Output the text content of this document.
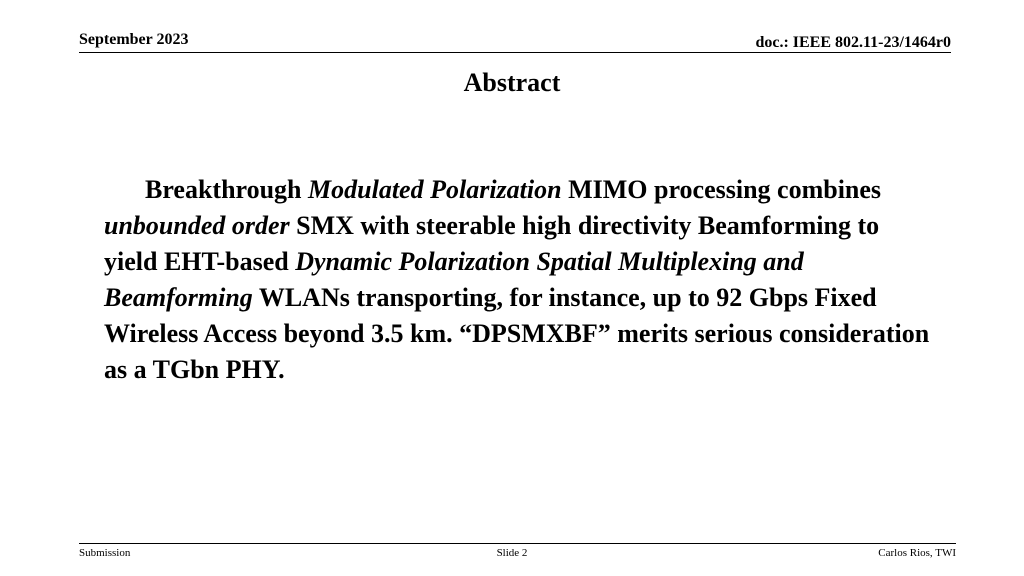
September 2023	doc.: IEEE 802.11-23/1464r0
Abstract

Breakthrough Modulated Polarization MIMO processing combines unbounded order SMX with steerable high directivity Beamforming to yield EHT-based Dynamic Polarization Spatial Multiplexing and Beamforming WLANs transporting, for instance, up to 92 Gbps Fixed Wireless Access beyond 3.5 km. “DPSMXBF” merits serious consideration as a TGbn PHY.

Submission	Slide 2	Carlos Rios, TWI
